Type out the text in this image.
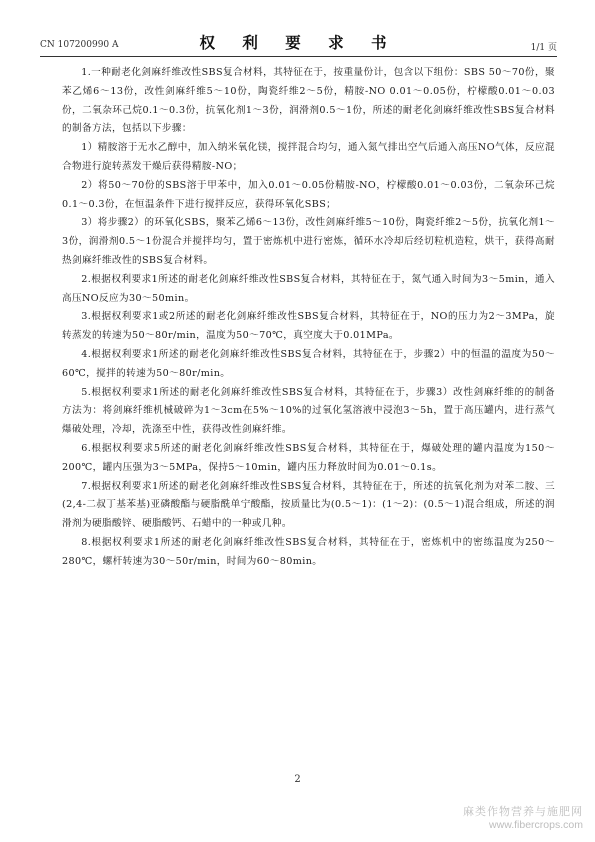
CN 107200990 A	权 利 要 求 书	1/1 页

1.一种耐老化剑麻纤维改性SBS复合材料，其特征在于，按重量份计，包含以下组份：SBS 50～70份，聚苯乙烯6～13份，改性剑麻纤维5～10份，陶瓷纤维2～5份，精胺-NO 0.01～0.05份，柠檬酸0.01～0.03份，二氧杂环己烷0.1～0.3份，抗氧化剂1～3份，润滑剂0.5～1份，所述的耐老化剑麻纤维改性SBS复合材料的制备方法，包括以下步骤：

1）精胺溶于无水乙醇中，加入纳米氧化镁，搅拌混合均匀，通入氮气排出空气后通入高压NO气体，反应混合物进行旋转蒸发干燥后获得精胺-NO；

2）将50～70份的SBS溶于甲苯中，加入0.01～0.05份精胺-NO，柠檬酸0.01～0.03份，二氧杂环己烷0.1～0.3份，在恒温条件下进行搅拌反应，获得环氧化SBS；

3）将步骤2）的环氧化SBS，聚苯乙烯6～13份，改性剑麻纤维5～10份，陶瓷纤维2～5份，抗氧化剂1～3份，润滑剂0.5～1份混合并搅拌均匀，置于密炼机中进行密炼，循环水冷却后经切粒机造粒，烘干，获得高耐热剑麻纤维改性的SBS复合材料。

2.根据权利要求1所述的耐老化剑麻纤维改性SBS复合材料，其特征在于，氮气通入时间为3～5min，通入高压NO反应为30～50min。

3.根据权利要求1或2所述的耐老化剑麻纤维改性SBS复合材料，其特征在于，NO的压力为2～3MPa，旋转蒸发的转速为50～80r/min，温度为50～70℃，真空度大于0.01MPa。

4.根据权利要求1所述的耐老化剑麻纤维改性SBS复合材料，其特征在于，步骤2）中的恒温的温度为50～60℃，搅拌的转速为50～80r/min。

5.根据权利要求1所述的耐老化剑麻纤维改性SBS复合材料，其特征在于，步骤3）改性剑麻纤维的的制备方法为：将剑麻纤维机械破碎为1～3cm在5%～10%的过氧化氢溶液中浸泡3～5h，置于高压罐内，进行蒸气爆破处理，冷却，洗涤至中性，获得改性剑麻纤维。

6.根据权利要求5所述的耐老化剑麻纤维改性SBS复合材料，其特征在于，爆破处理的罐内温度为150～200℃，罐内压强为3～5MPa，保持5～10min，罐内压力释放时间为0.01～0.1s。

7.根据权利要求1所述的耐老化剑麻纤维改性SBS复合材料，其特征在于，所述的抗氧化剂为对苯二胺、三(2,4-二叔丁基苯基)亚磷酸酯与硬脂酰单宁酸酯，按质量比为(0.5～1)：(1～2)：(0.5～1)混合组成，所述的润滑剂为硬脂酸锌、硬脂酸钙、石蜡中的一种或几种。

8.根据权利要求1所述的耐老化剑麻纤维改性SBS复合材料，其特征在于，密炼机中的密练温度为250～280℃，螺杆转速为30～50r/min，时间为60～80min。

2
麻类作物营养与施肥网
www.fibercrops.com
